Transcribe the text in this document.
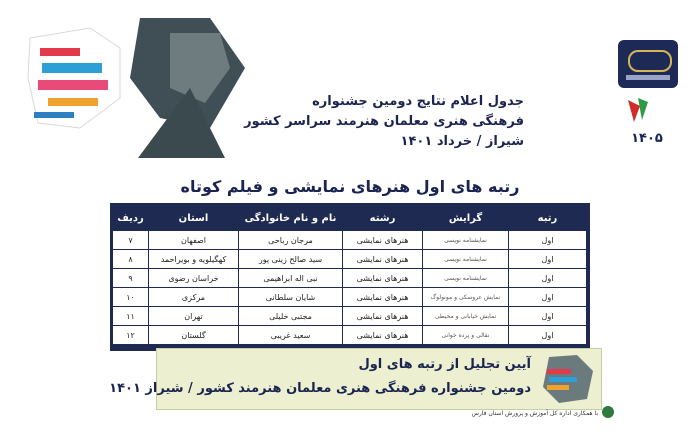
جدول اعلام نتایج دومین جشنواره
فرهنگی هنری معلمان هنرمند سراسر کشور
شیراز / خرداد ۱۴۰۱	۱۴۰۵
رتبه های اول هنرهای نمایشی و فیلم کوتاه
رتبه	گرایش	رشته	نام و نام خانوادگی	استان	ردیف
اول	نمایشنامه نویسی	هنرهای نمایشی	مرجان رباحی	اصفهان	۷
اول	نمایشنامه نویسی	هنرهای نمایشی	سید صالح زینی پور	کهگیلویه و بویراحمد	۸
اول	نمایشنامه نویسی	هنرهای نمایشی	نبی اله ابراهیمی	خراسان رضوی	۹
اول	نمایش عروسکی و مونولوگ	هنرهای نمایشی	شایان سلطانی	مرکزی	۱۰
اول	نمایش خیابانی و محیطی	هنرهای نمایشی	مجتبی خلیلی	تهران	۱۱
اول	نقالی و پرده خوانی	هنرهای نمایشی	سعید غریبی	گلستان	۱۲
آیین تجلیل از رتبه های اول
دومین جشنواره فرهنگی هنری معلمان هنرمند کشور / شیراز ۱۴۰۱
با همکاری اداره کل آموزش و پرورش استان فارس
